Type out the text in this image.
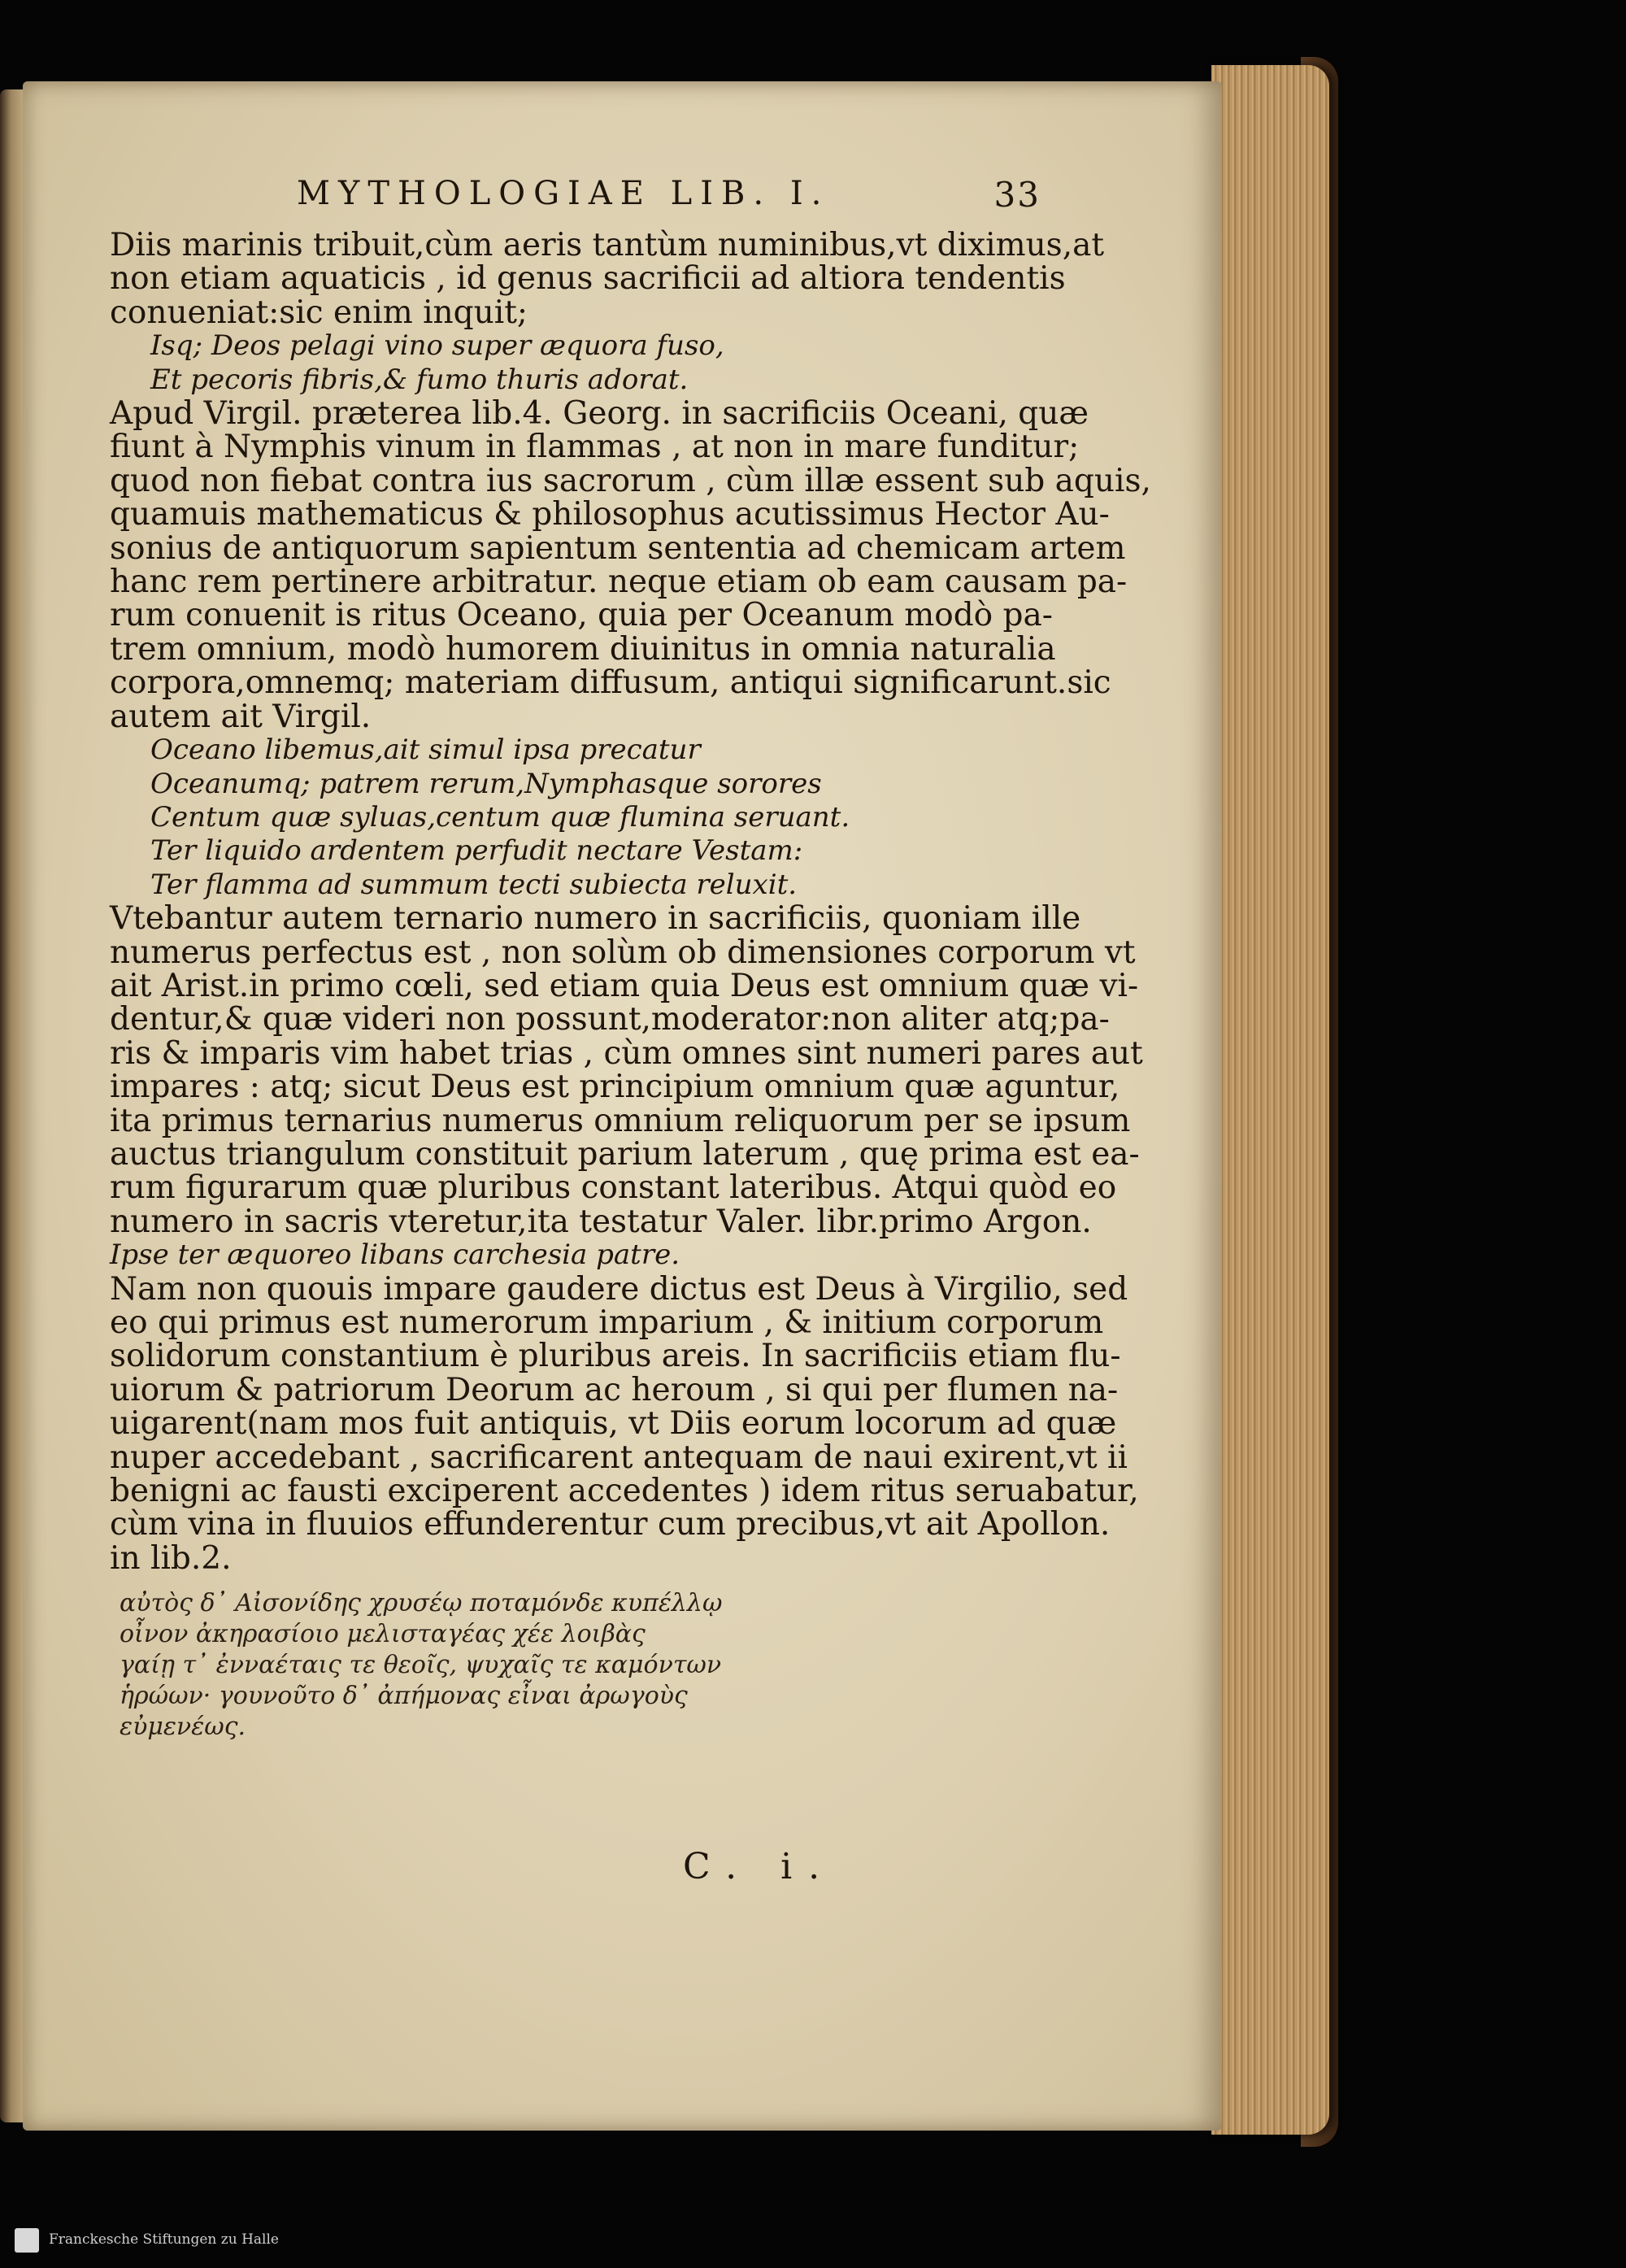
MYTHOLOGIAE LIB. I.	33
Diis marinis tribuit,cùm aeris tantùm numinibus,vt diximus,at
non etiam aquaticis , id genus sacrificii ad altiora tendentis
conueniat:sic enim inquit;
Isq; Deos pelagi vino super æquora fuso,
Et pecoris fibris,& fumo thuris adorat.
Apud Virgil. præterea lib.4. Georg. in sacrificiis Oceani, quæ
fiunt à Nymphis vinum in flammas , at non in mare funditur;
quod non fiebat contra ius sacrorum , cùm illæ essent sub aquis,
quamuis mathematicus & philosophus acutissimus Hector Au-
sonius de antiquorum sapientum sententia ad chemicam artem
hanc rem pertinere arbitratur. neque etiam ob eam causam pa-
rum conuenit is ritus Oceano, quia per Oceanum modò pa-
trem omnium, modò humorem diuinitus in omnia naturalia
corpora,omnemq; materiam diffusum, antiqui significarunt.sic
autem ait Virgil.
Oceano libemus,ait simul ipsa precatur
Oceanumq; patrem rerum,Nymphasque sorores
Centum quæ syluas,centum quæ flumina seruant.
Ter liquido ardentem perfudit nectare Vestam:
Ter flamma ad summum tecti subiecta reluxit.
Vtebantur autem ternario numero in sacrificiis, quoniam ille
numerus perfectus est , non solùm ob dimensiones corporum vt
ait Arist.in primo cœli, sed etiam quia Deus est omnium quæ vi-
dentur,& quæ videri non possunt,moderator:non aliter atq;pa-
ris & imparis vim habet trias , cùm omnes sint numeri pares aut
impares : atq; sicut Deus est principium omnium quæ aguntur,
ita primus ternarius numerus omnium reliquorum per se ipsum
auctus triangulum constituit parium laterum , quę prima est ea-
rum figurarum quæ pluribus constant lateribus. Atqui quòd eo
numero in sacris vteretur,ita testatur Valer. libr.primo Argon.
Ipse ter æquoreo libans carchesia patre.
Nam non quouis impare gaudere dictus est Deus à Virgilio, sed
eo qui primus est numerorum imparium , & initium corporum
solidorum constantium è pluribus areis. In sacrificiis etiam flu-
uiorum & patriorum Deorum ac heroum , si qui per flumen na-
uigarent(nam mos fuit antiquis, vt Diis eorum locorum ad quæ
nuper accedebant , sacrificarent antequam de naui exirent,vt ii
benigni ac fausti exciperent accedentes ) idem ritus seruabatur,
cùm vina in fluuios effunderentur cum precibus,vt ait Apollon.
in lib.2.
αὐτὸς δ᾽ Αἰσονίδης χρυσέῳ ποταμόνδε κυπέλλῳ
οἶνον ἀκηρασίοιο μελισταγέας χέε λοιβὰς
γαίῃ τ᾽ ἐνναέταις τε θεοῖς, ψυχαῖς τε καμόντων
ἡρώων· γουνοῦτο δ᾽ ἀπήμονας εἶναι ἀρωγοὺς
εὐμενέως.
C. i.
Franckesche Stiftungen zu Halle
